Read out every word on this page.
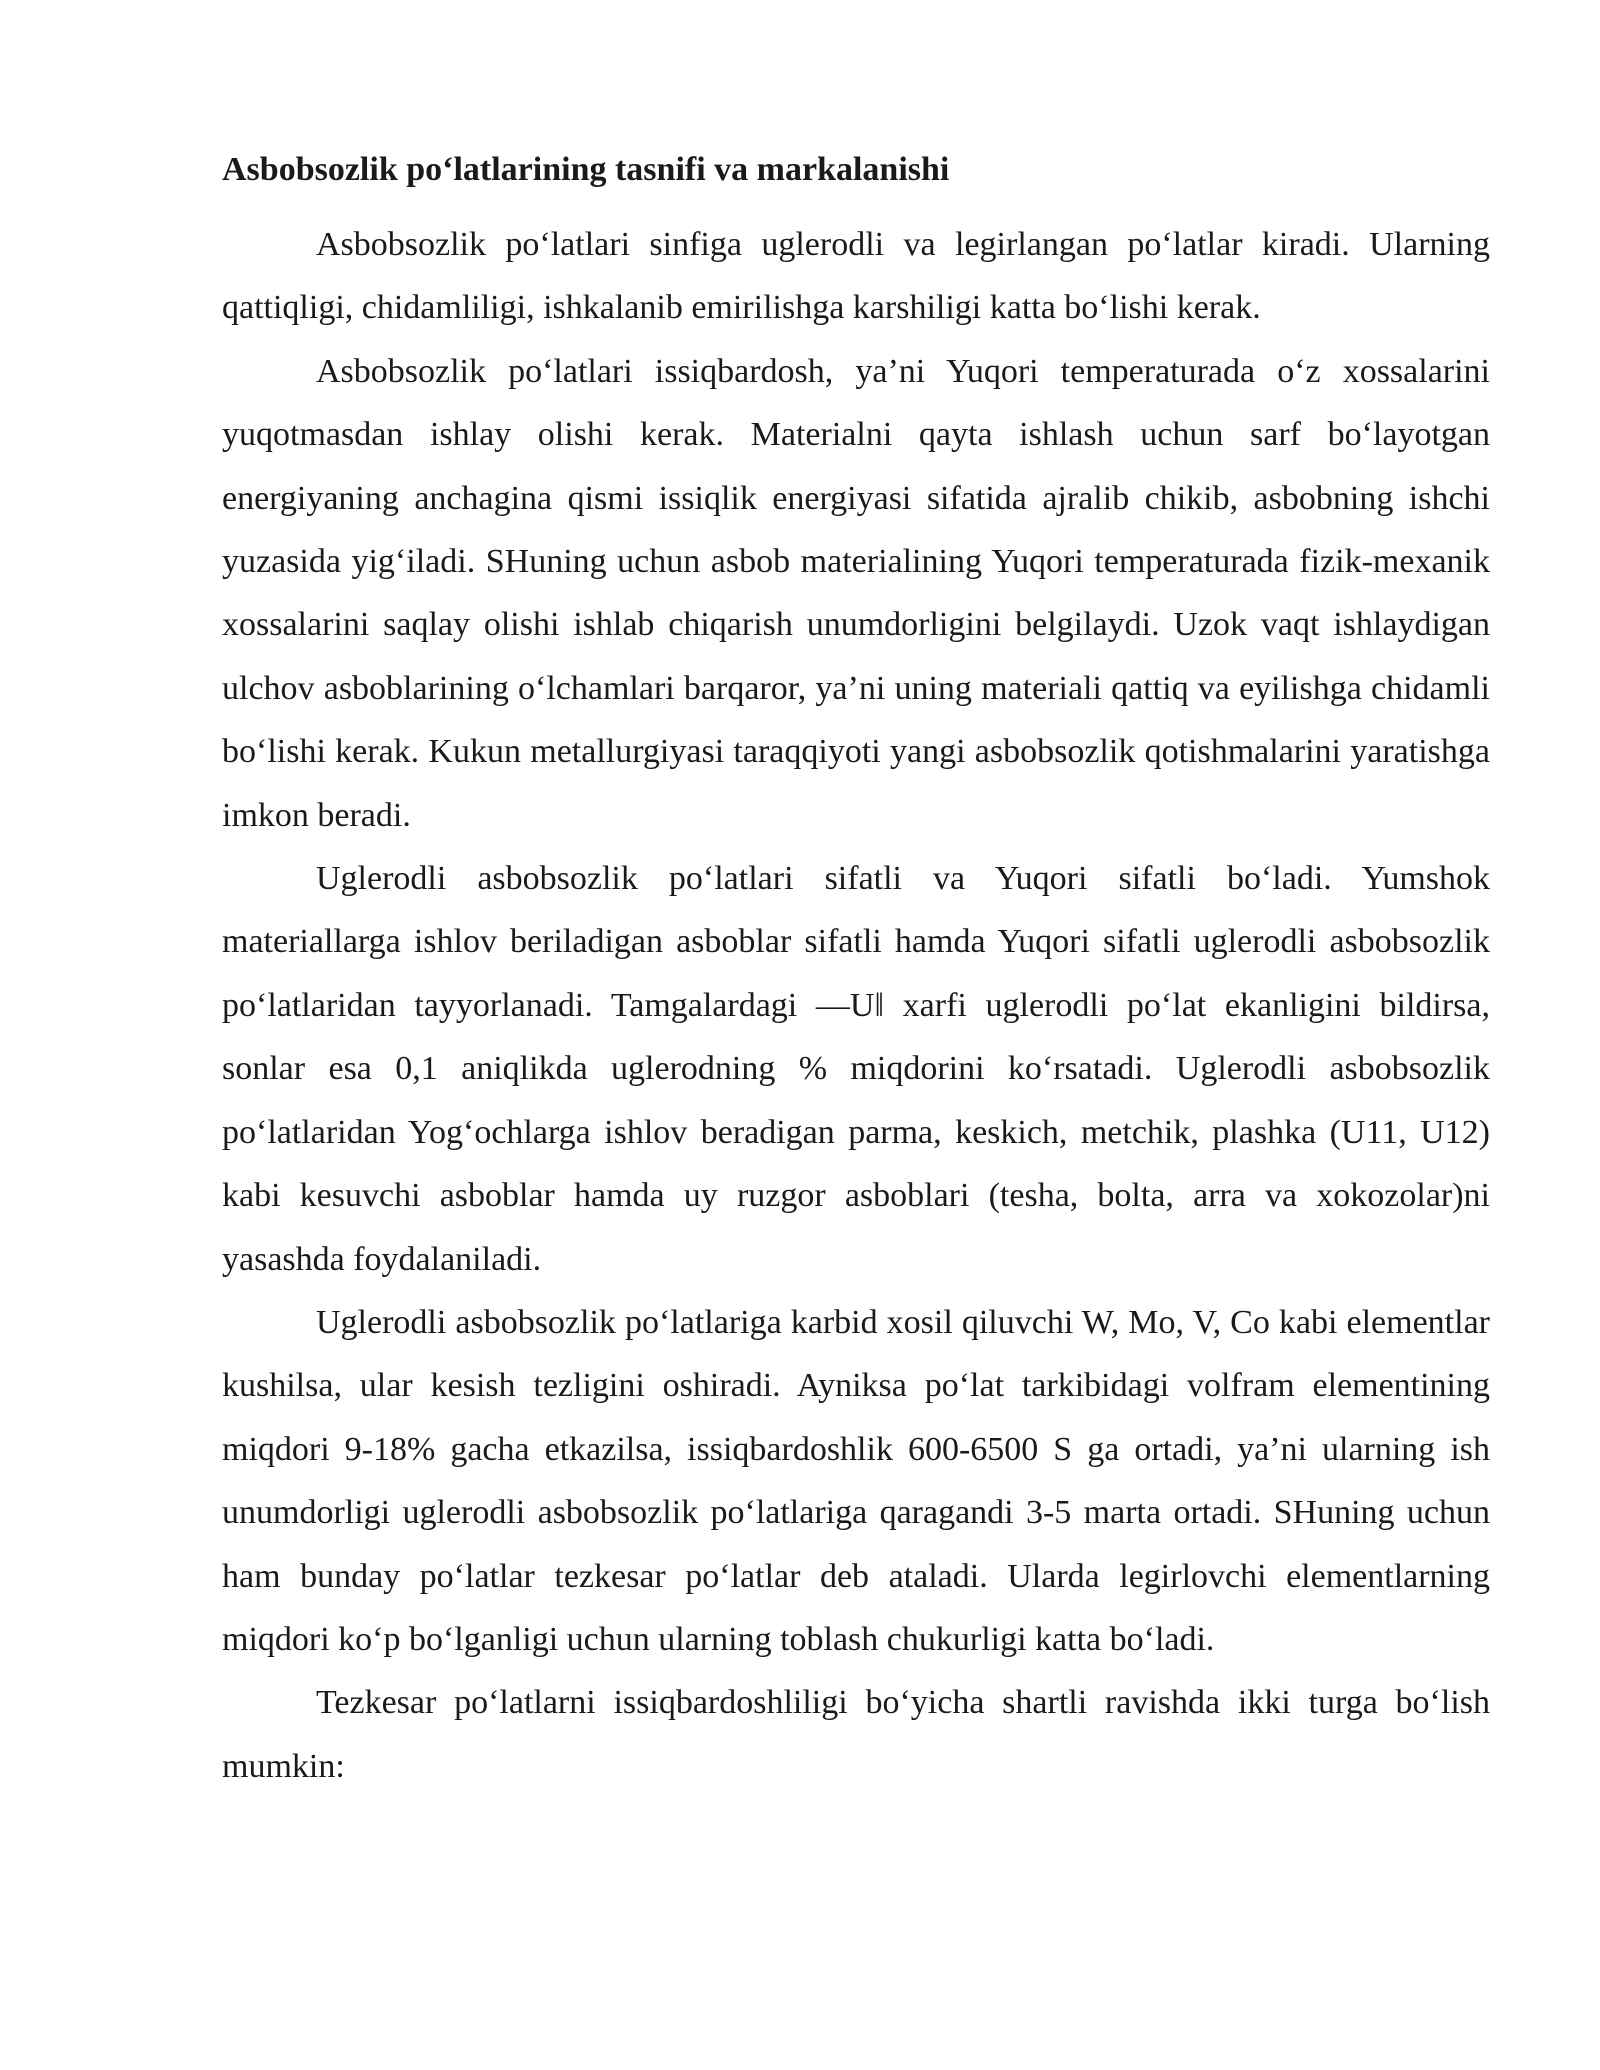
Asbobsozlik po‘latlarining tasnifi va markalanishi

Asbobsozlik po‘latlari sinfiga uglerodli va legirlangan po‘latlar kiradi. Ularning qattiqligi, chidamliligi, ishkalanib emirilishga karshiligi katta bo‘lishi kerak.

Asbobsozlik po‘latlari issiqbardosh, ya’ni Yuqori temperaturada o‘z xossalarini yuqotmasdan ishlay olishi kerak. Materialni qayta ishlash uchun sarf bo‘layotgan energiyaning anchagina qismi issiqlik energiyasi sifatida ajralib chikib, asbobning ishchi yuzasida yig‘iladi. SHuning uchun asbob materialining Yuqori temperaturada fizik-mexanik xossalarini saqlay olishi ishlab chiqarish unumdorligini belgilaydi. Uzok vaqt ishlaydigan ulchov asboblarining o‘lchamlari barqaror, ya’ni uning materiali qattiq va eyilishga chidamli bo‘lishi kerak. Kukun metallurgiyasi taraqqiyoti yangi asbobsozlik qotishmalarini yaratishga imkon beradi.

Uglerodli asbobsozlik po‘latlari sifatli va Yuqori sifatli bo‘ladi. Yumshok materiallarga ishlov beriladigan asboblar sifatli hamda Yuqori sifatli uglerodli asbobsozlik po‘latlaridan tayyorlanadi. Tamgalardagi ―U‖ xarfi uglerodli po‘lat ekanligini bildirsa, sonlar esa 0,1 aniqlikda uglerodning % miqdorini ko‘rsatadi. Uglerodli asbobsozlik po‘latlaridan Yog‘ochlarga ishlov beradigan parma, keskich, metchik, plashka (U11, U12) kabi kesuvchi asboblar hamda uy ruzgor asboblari (tesha, bolta, arra va xokozolar)ni yasashda foydalaniladi.

Uglerodli asbobsozlik po‘latlariga karbid xosil qiluvchi W, Mo, V, Co kabi elementlar kushilsa, ular kesish tezligini oshiradi. Ayniksa po‘lat tarkibidagi volfram elementining miqdori 9-18% gacha etkazilsa, issiqbardoshlik 600-6500 S ga ortadi, ya’ni ularning ish unumdorligi uglerodli asbobsozlik po‘latlariga qaragandi 3-5 marta ortadi. SHuning uchun ham bunday po‘latlar tezkesar po‘latlar deb ataladi. Ularda legirlovchi elementlarning miqdori ko‘p bo‘lganligi uchun ularning toblash chukurligi katta bo‘ladi.

Tezkesar po‘latlarni issiqbardoshliligi bo‘yicha shartli ravishda ikki turga bo‘lish mumkin:
